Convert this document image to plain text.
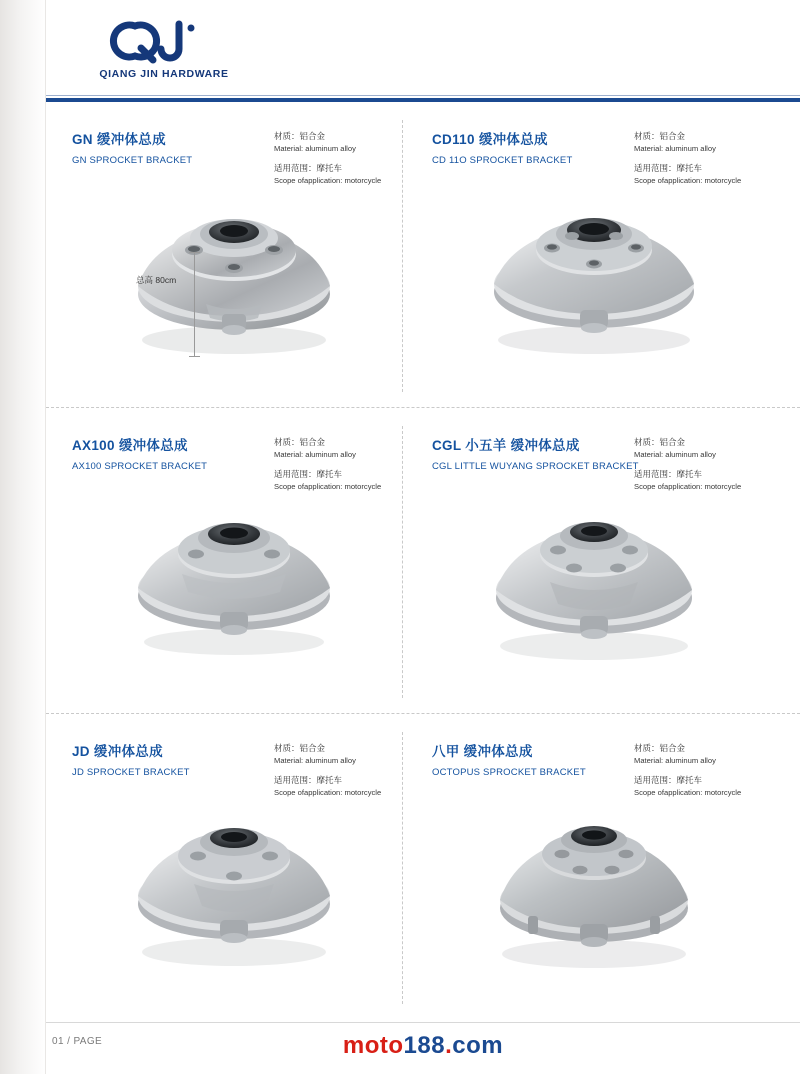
QIANG JIN HARDWARE
GN 缓冲体总成
GN SPROCKET BRACKET
材质：铝合金
Material: aluminum alloy
适用范围：摩托车
Scope ofapplication: motorcycle
总高 80cm
CD110 缓冲体总成
CD 11O SPROCKET BRACKET
材质：铝合金
Material: aluminum alloy
适用范围：摩托车
Scope ofapplication: motorcycle
AX100 缓冲体总成
AX100 SPROCKET BRACKET
材质：铝合金
Material: aluminum alloy
适用范围：摩托车
Scope ofapplication: motorcycle
CGL 小五羊 缓冲体总成
CGL LITTLE WUYANG SPROCKET BRACKET
材质：铝合金
Material: aluminum alloy
适用范围：摩托车
Scope ofapplication: motorcycle
JD 缓冲体总成
JD SPROCKET BRACKET
材质：铝合金
Material: aluminum alloy
适用范围：摩托车
Scope ofapplication: motorcycle
八甲 缓冲体总成
OCTOPUS SPROCKET BRACKET
材质：铝合金
Material: aluminum alloy
适用范围：摩托车
Scope ofapplication: motorcycle
01 / PAGE	moto188.com
